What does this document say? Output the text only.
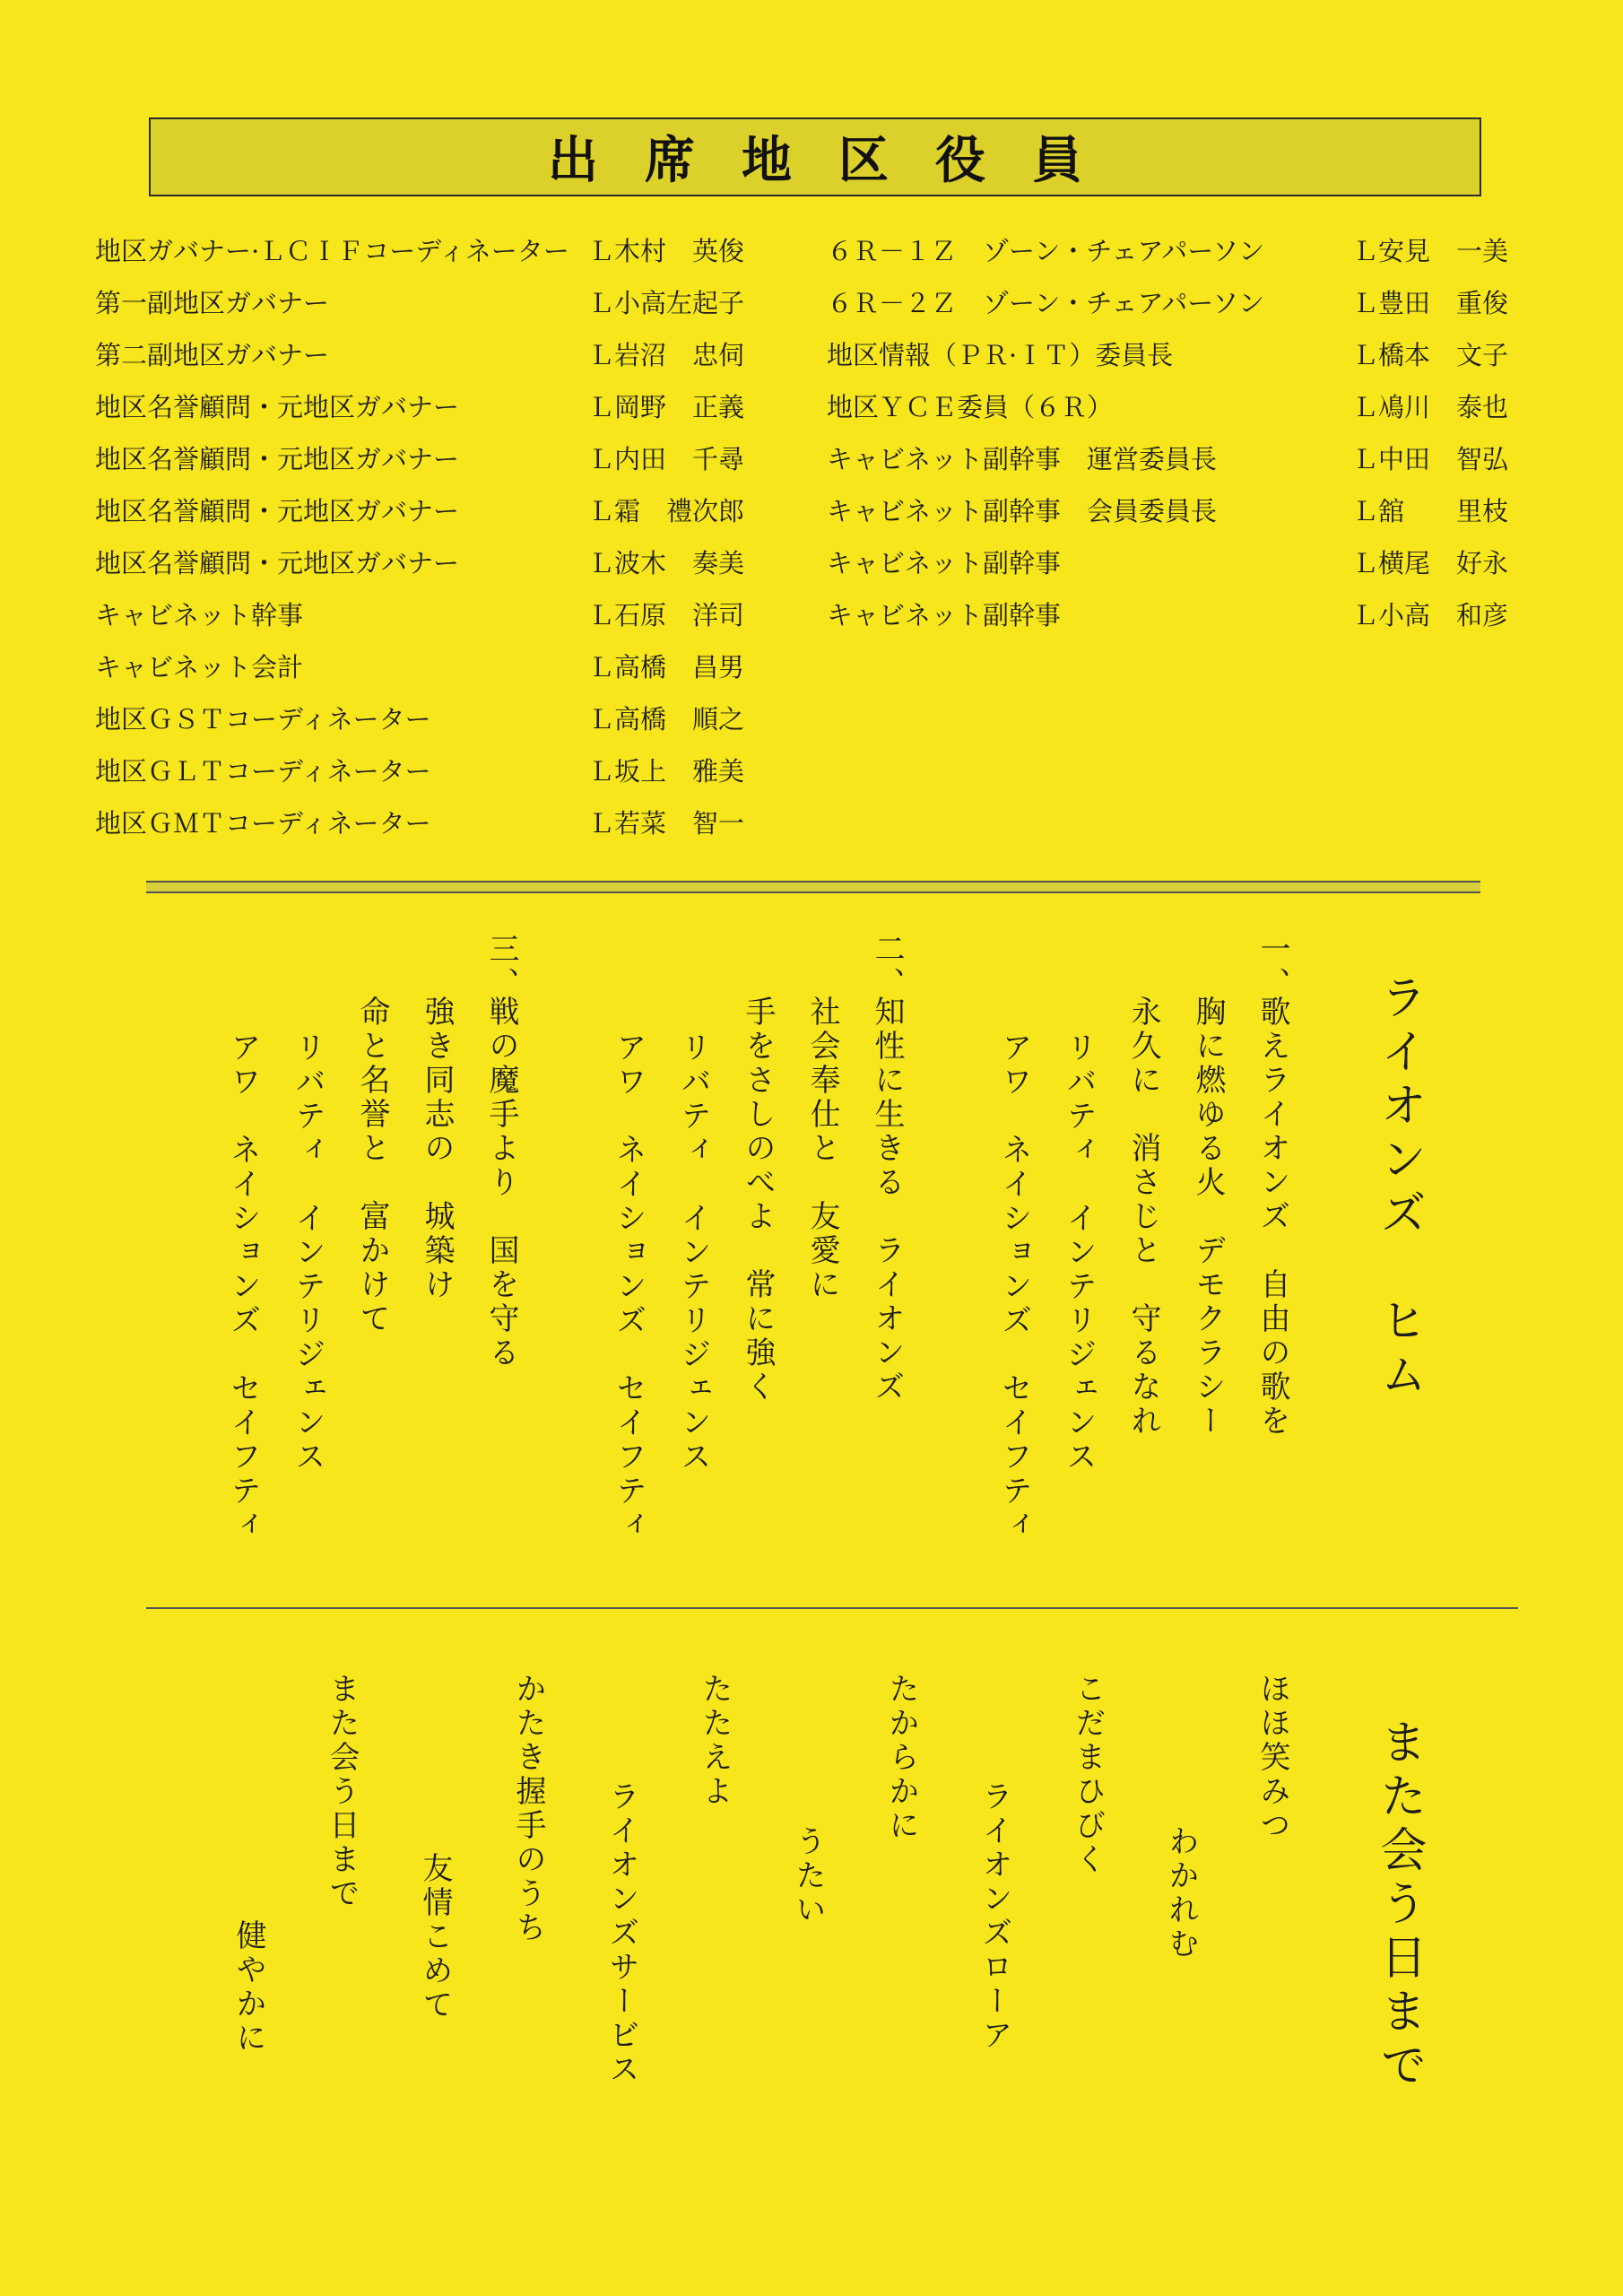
出席地区役員
地区ガバナー·ＬＣＩＦコーディネーター Ｌ木村　英俊
第一副地区ガバナー	Ｌ小高左起子
第二副地区ガバナー	Ｌ岩沼　忠伺
地区名誉顧問・元地区ガバナー	Ｌ岡野　正義
地区名誉顧問・元地区ガバナー	Ｌ内田　千尋
地区名誉顧問・元地区ガバナー	Ｌ霜　禮次郎
地区名誉顧問・元地区ガバナー	Ｌ波木　奏美
キャビネット幹事	Ｌ石原　洋司
キャビネット会計	Ｌ高橋　昌男
地区ＧＳＴコーディネーター	Ｌ高橋　順之
地区ＧＬＴコーディネーター	Ｌ坂上　雅美
地区ＧＭＴコーディネーター	Ｌ若菜　智一
６Ｒ－１Ｚ　ゾーン・チェアパーソン	Ｌ安見　一美
６Ｒ－２Ｚ　ゾーン・チェアパーソン	Ｌ豊田　重俊
地区情報（ＰＲ·ＩＴ）委員長	Ｌ橋本　文子
地区ＹＣＥ委員（６Ｒ）	Ｌ鳰川　泰也
キャビネット副幹事　運営委員長	Ｌ中田　智弘
キャビネット副幹事　会員委員長	Ｌ舘　　里枝
キャビネット副幹事	Ｌ横尾　好永
キャビネット副幹事	Ｌ小高　和彦
ライオンズ　ヒム
一、
歌えライオンズ　自由の歌を
胸に燃ゆる火　デモクラシー
永久に　消さじと　守るなれ
リバティ　インテリジェンス
アワ　ネイションズ　セイフティ
二、
知性に生きる　ライオンズ
社会奉仕と　友愛に
手をさしのべよ　常に強く
リバティ　インテリジェンス
アワ　ネイションズ　セイフティ
三、
戦の魔手より　国を守る
強き同志の　城築け
命と名誉と　富かけて
リバティ　インテリジェンス
アワ　ネイションズ　セイフティ
また会う日まで
ほほ笑みつ
わかれむ
こだまひびく
ライオンズローア
たからかに
うたい
たたえよ
ライオンズサービス
かたき握手のうち
友情こめて
また会う日まで
健やかに
